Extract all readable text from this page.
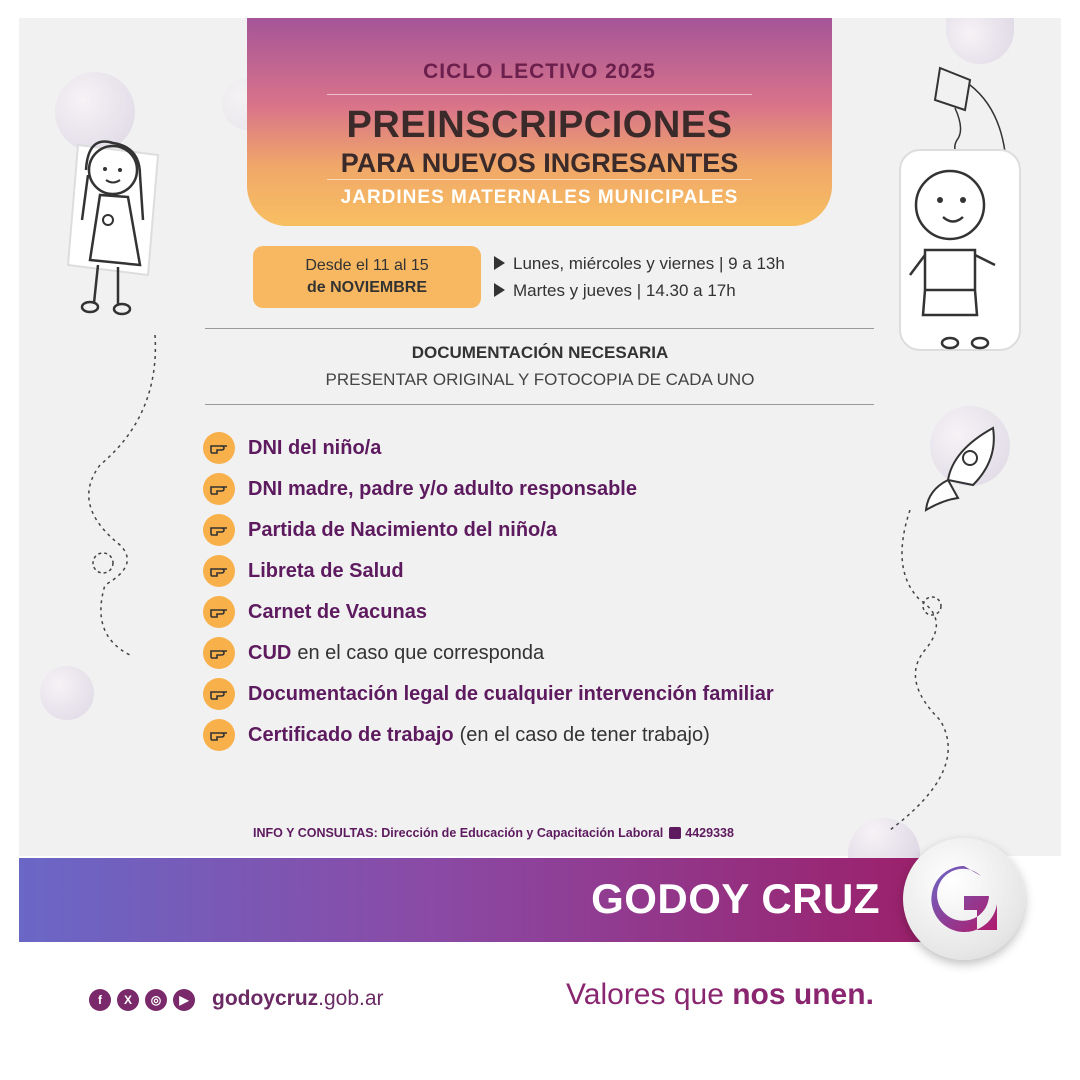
CICLO LECTIVO 2025
PREINSCRIPCIONES
PARA NUEVOS INGRESANTES
JARDINES MATERNALES MUNICIPALES
Desde el 11 al 15
de NOVIEMBRE
Lunes, miércoles y viernes | 9 a 13h
Martes y jueves | 14.30 a 17h
DOCUMENTACIÓN NECESARIA
PRESENTAR ORIGINAL Y FOTOCOPIA DE CADA UNO
DNI del niño/a
DNI madre, padre y/o adulto responsable
Partida de Nacimiento del niño/a
Libreta de Salud
Carnet de Vacunas
CUD en el caso que corresponda
Documentación legal de cualquier intervención familiar
Certificado de trabajo (en el caso de tener trabajo)
INFO Y CONSULTAS: Dirección de Educación y Capacitación Laboral 4429338
GODOY CRUZ
f	X	◎	▶	godoycruz.gob.ar	Valores que nos unen.
